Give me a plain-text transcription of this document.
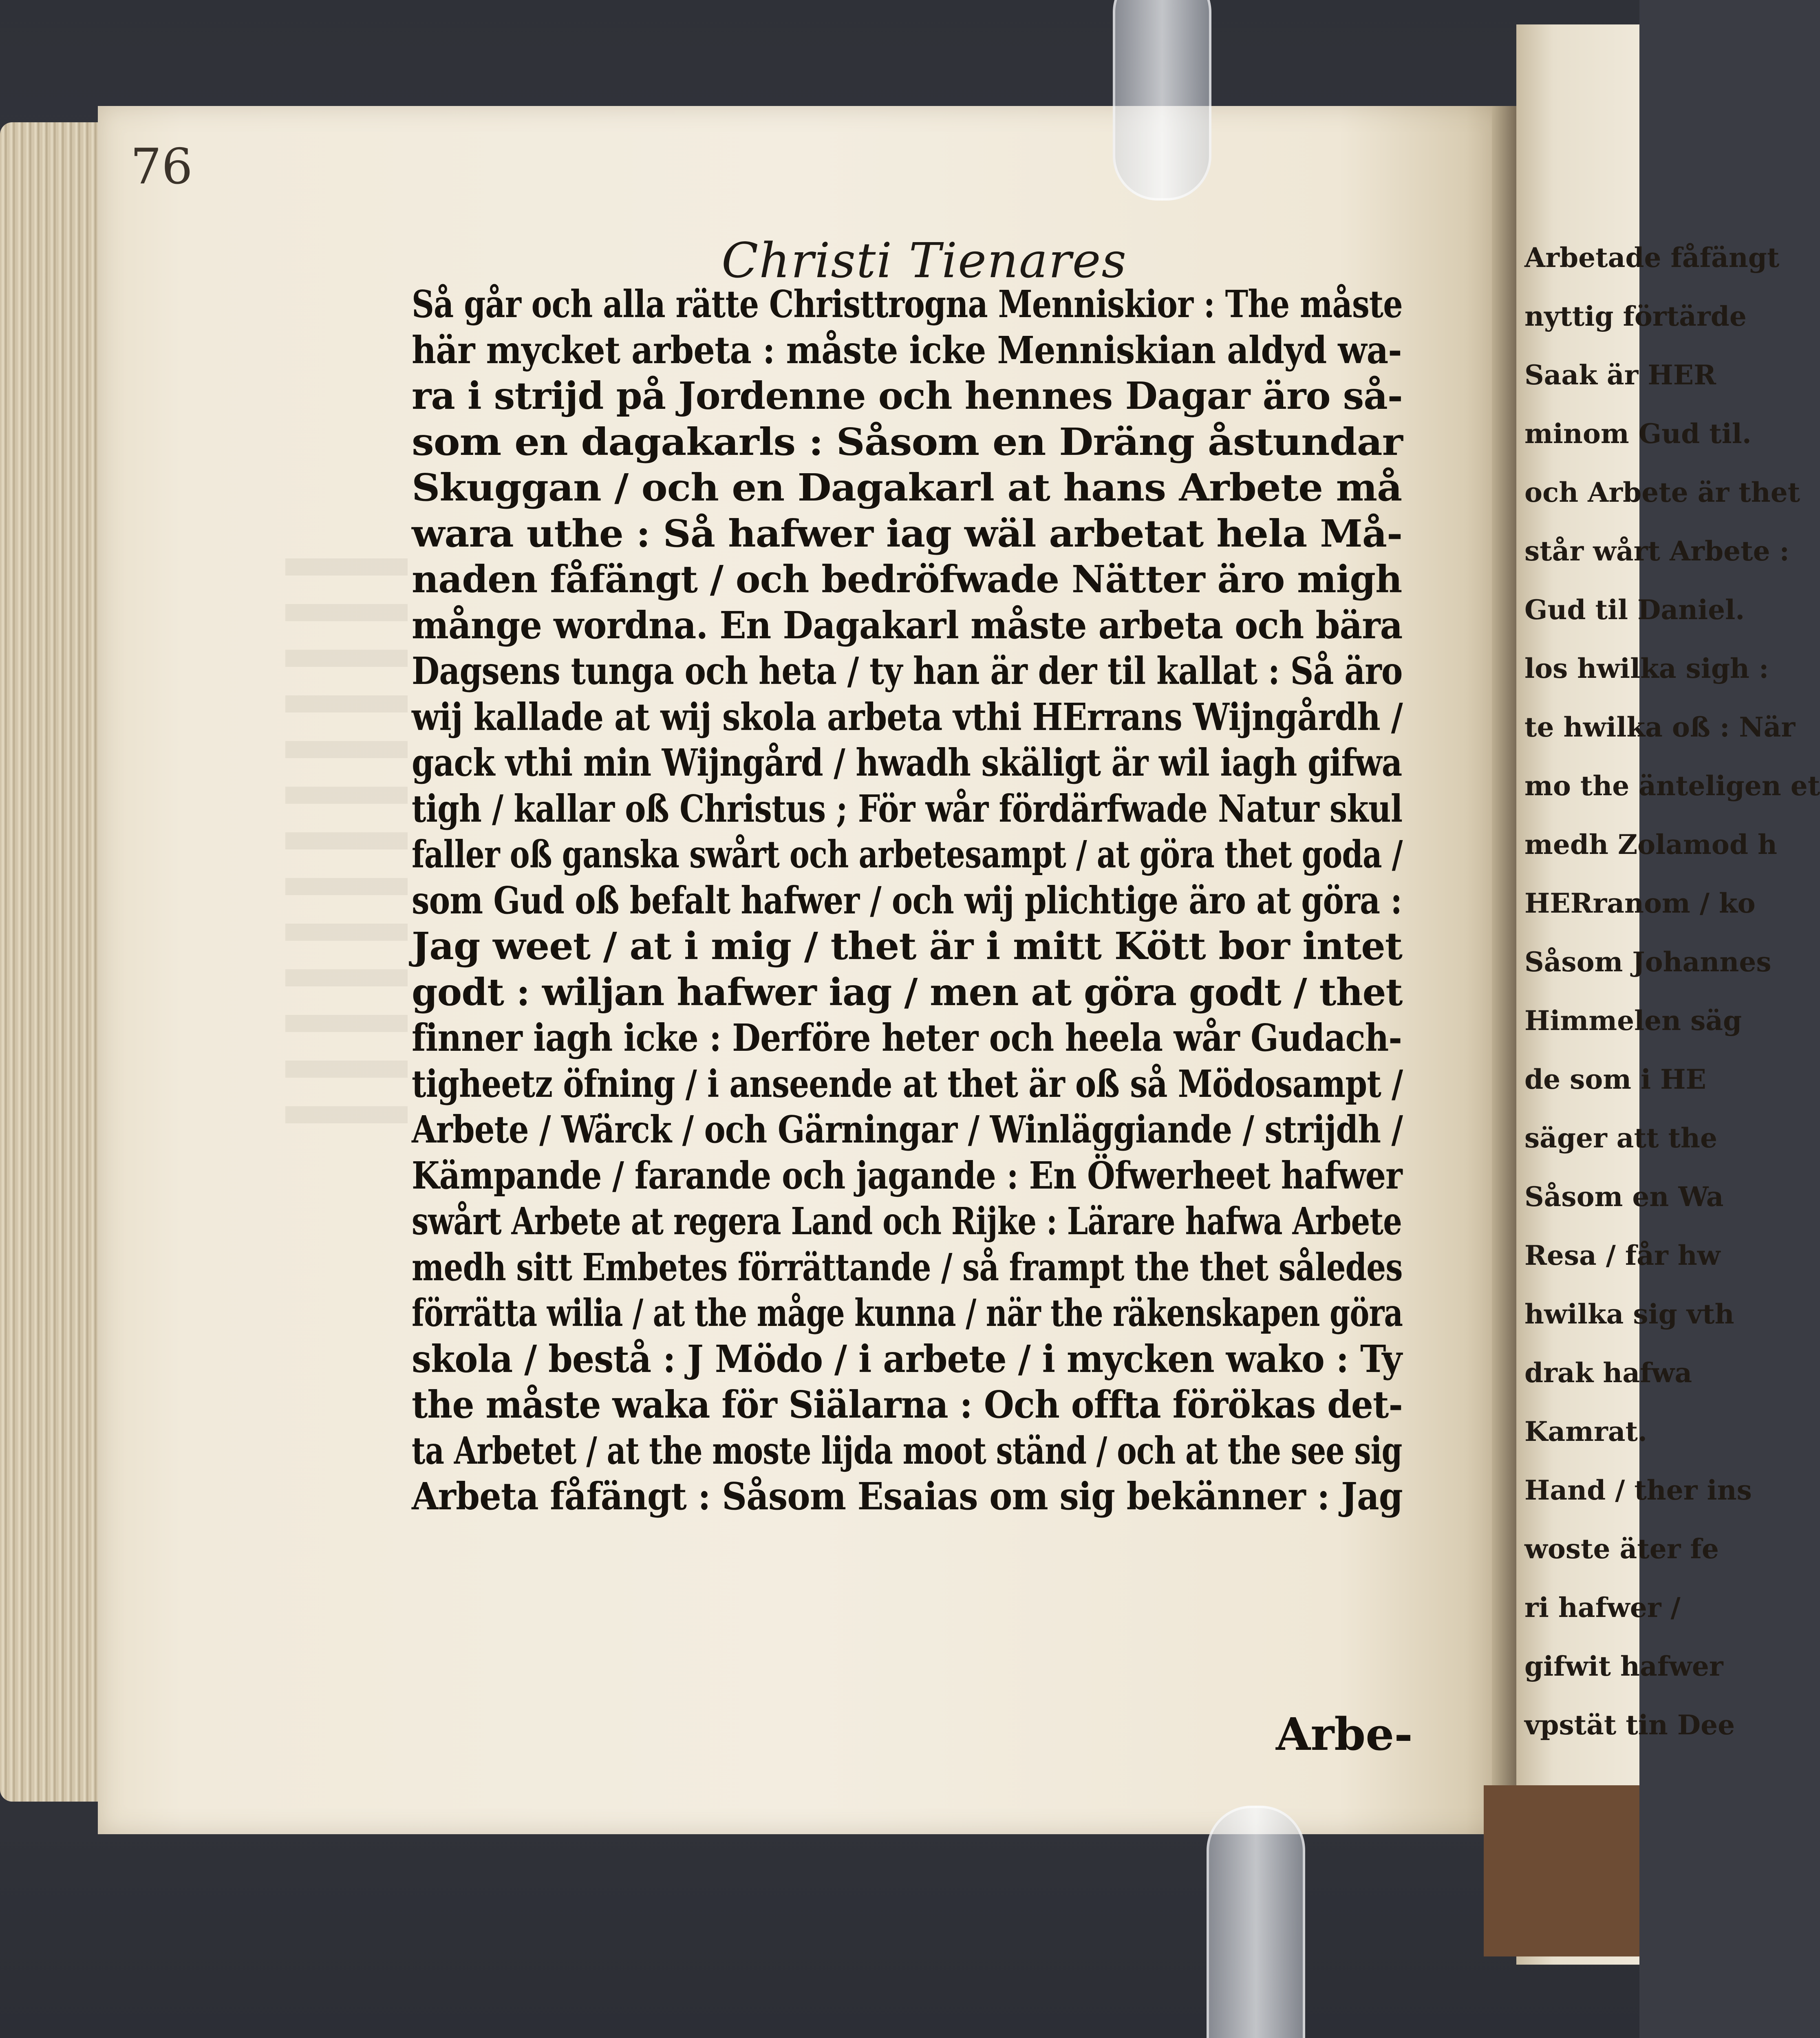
Arbetade fåfängt
nyttig förtärde
Saak är HER
minom Gud til.
och Arbete är thet
står wårt Arbete :
Gud til Daniel.
los hwilka sigh :
te hwilka oß : När
mo the änteligen et
medh Zolamod h
HERranom / ko
Såsom Johannes
Himmelen säg
de som i HE
säger att the
Såsom en Wa
Resa / får hw
hwilka sig vth
drak hafwa
Kamrat.
Hand / ther ins
woste äter fe
ri hafwer /
gifwit hafwer
vpstät tin Dee
76
Christi Tienares
Så går och alla rätte Christtrogna Menniskior : The måste
här mycket arbeta : måste icke Menniskian aldyd wa-
ra i strijd på Jordenne och hennes Dagar äro så-
som en dagakarls : Såsom en Dräng åstundar
Skuggan / och en Dagakarl at hans Arbete må
wara uthe : Så hafwer iag wäl arbetat hela Må-
naden fåfängt / och bedröfwade Nätter äro migh
månge wordna. En Dagakarl måste arbeta och bära
Dagsens tunga och heta / ty han är der til kallat : Så äro
wij kallade at wij skola arbeta vthi HErrans Wijngårdh /
gack vthi min Wijngård / hwadh skäligt är wil iagh gifwa
tigh / kallar oß Christus ; För wår fördärfwade Natur skul
faller oß ganska swårt och arbetesampt / at göra thet goda /
som Gud oß befalt hafwer / och wij plichtige äro at göra :
Jag weet / at i mig / thet är i mitt Kött bor intet
godt : wiljan hafwer iag / men at göra godt / thet
finner iagh icke : Derföre heter och heela wår Gudach-
tigheetz öfning / i anseende at thet är oß så Mödosampt /
Arbete / Wärck / och Gärningar / Winläggiande / strijdh /
Kämpande / farande och jagande : En Öfwerheet hafwer
swårt Arbete at regera Land och Rijke : Lärare hafwa Arbete
medh sitt Embetes förrättande / så frampt the thet således
förrätta wilia / at the måge kunna / när the räkenskapen göra
skola / bestå : J Mödo / i arbete / i mycken wako : Ty
the måste waka för Siälarna : Och offta förökas det-
ta Arbetet / at the moste lijda moot ständ / och at the see sig
Arbeta fåfängt : Såsom Esaias om sig bekänner : Jag
Arbe-
